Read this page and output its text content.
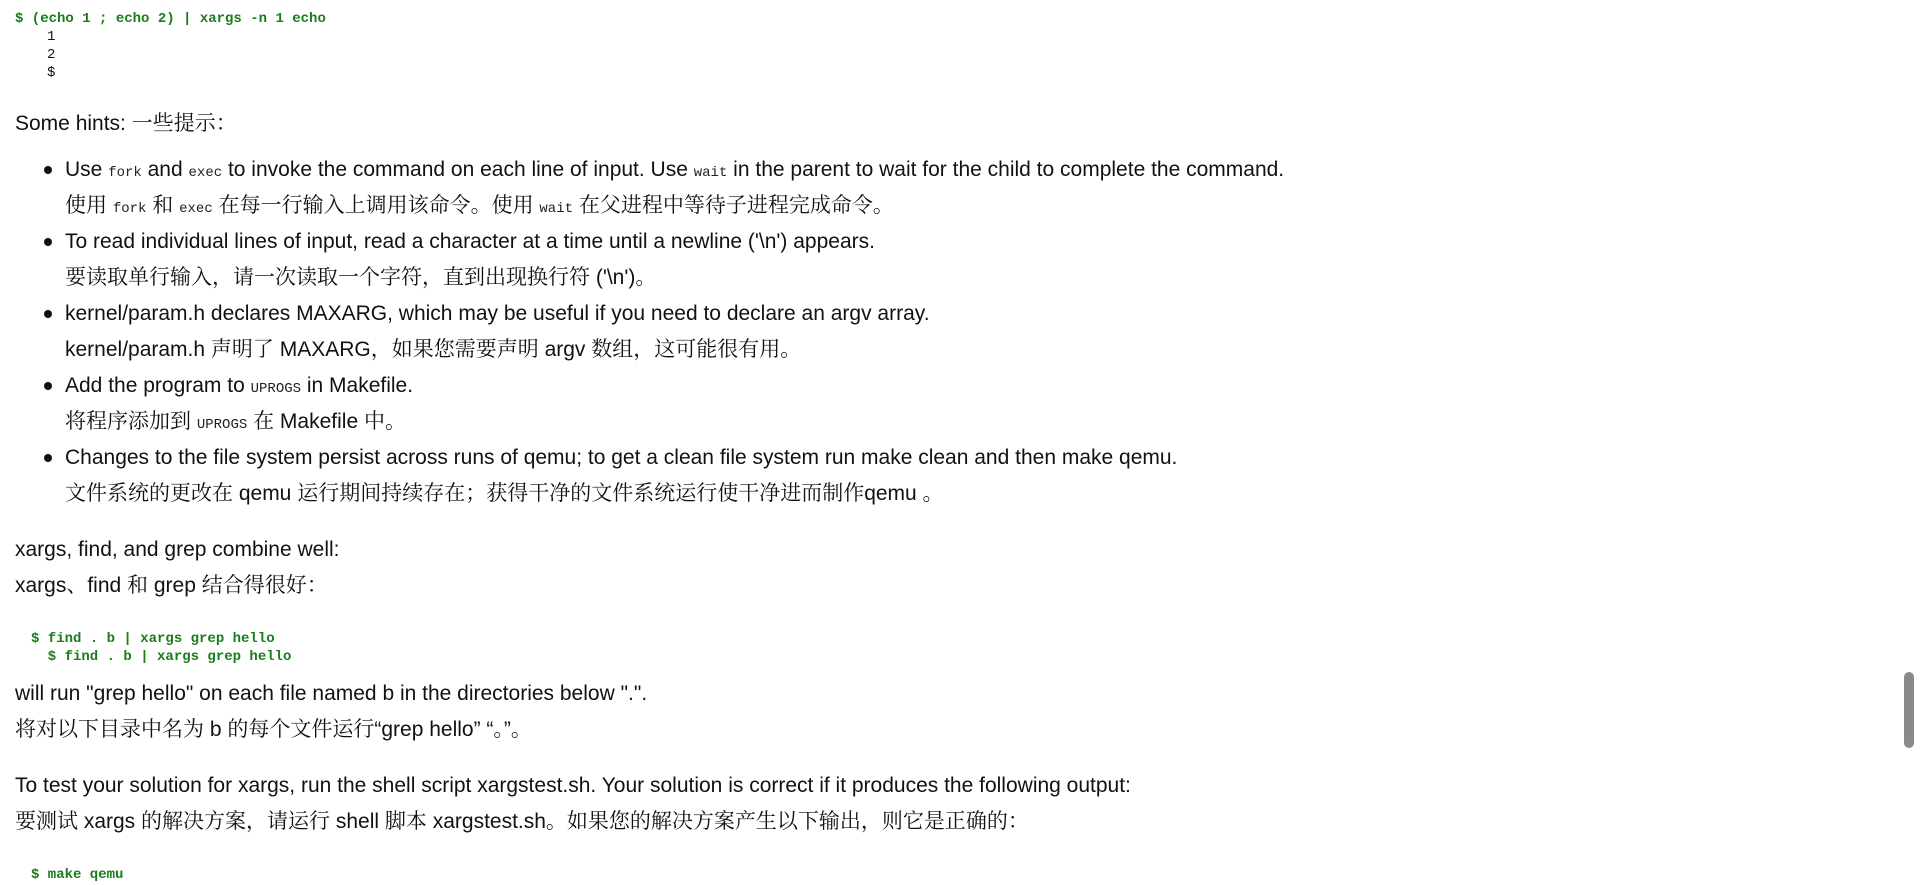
$ (echo 1 ; echo 2) | xargs -n 1 echo
1
2
$

Some hints: 一些提示：

Use fork and exec to invoke the command on each line of input. Use wait in the parent to wait for the child to complete the command.
使用 fork 和 exec 在每一行输入上调用该命令。使用 wait 在父进程中等待子进程完成命令。
To read individual lines of input, read a character at a time until a newline ('\n') appears.
要读取单行输入，请一次读取一个字符，直到出现换行符 ('\n')。
kernel/param.h declares MAXARG, which may be useful if you need to declare an argv array.
kernel/param.h 声明了 MAXARG，如果您需要声明 argv 数组，这可能很有用。
Add the program to UPROGS in Makefile.
将程序添加到 UPROGS 在 Makefile 中。
Changes to the file system persist across runs of qemu; to get a clean file system run make clean and then make qemu.
文件系统的更改在 qemu 运行期间持续存在；获得干净的文件系统运行使干净进而制作qemu 。

xargs, find, and grep combine well:

xargs、find 和 grep 结合得很好：

$ find . b | xargs grep hello
$ find . b | xargs grep hello

will run "grep hello" on each file named b in the directories below ".".

将对以下目录中名为 b 的每个文件运行“grep hello” “。”。

To test your solution for xargs, run the shell script xargstest.sh. Your solution is correct if it produces the following output:

要测试 xargs 的解决方案，请运行 shell 脚本 xargstest.sh。如果您的解决方案产生以下输出，则它是正确的：

$ make qemu
